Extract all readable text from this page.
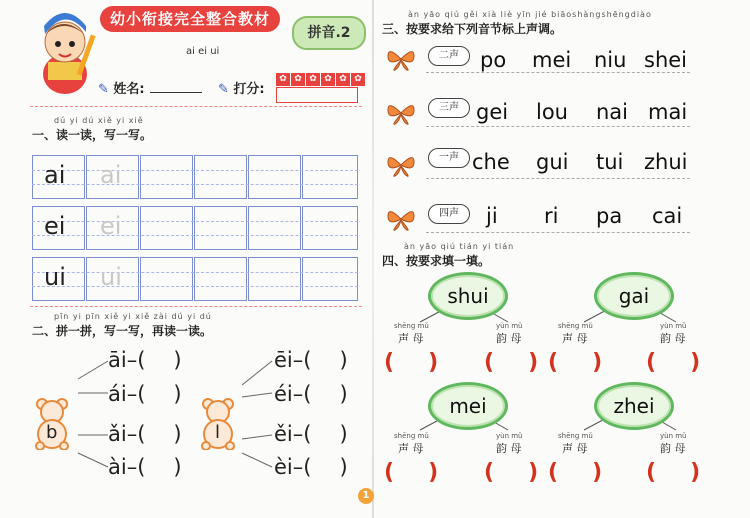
幼小衔接完全整合教材
拼音.2
ai ei ui
✎ 姓名:	✎ 打分:
✿ ✿ ✿ ✿ ✿ ✿
dú yi dú xiě yi xiě
一、读一读，写一写。
ai ai
ei ei
ui ui
pīn yi pīn xiě yi xiě zài dú yi dú
二、拼一拼，写一写，再读一读。
b	l
āi–( )
ái–( )
ǎi–( )
ài–( )
ēi–( )
éi–( )
ěi–( )
èi–( )
1
àn yāo qiú gěi xià liè yīn jié biāoshàngshēngdiào
三、按要求给下列音节标上声调。
二声	po mei niu shei
三声 gei lou nai mai
一声 che gui tui zhui
四声	ji ri pa cai
àn yāo qiú tián yi tián
四、按要求填一填。
shui
shēng mǔ
声 母
yùn mǔ
韵 母
( ) ( )
gai
shēng mǔ
声 母
yùn mǔ
韵 母
( ) ( )
mei
shēng mǔ
声 母
yùn mǔ
韵 母
( ) ( )
zhei
shēng mǔ
声 母
yùn mǔ
韵 母
( ) ( )
